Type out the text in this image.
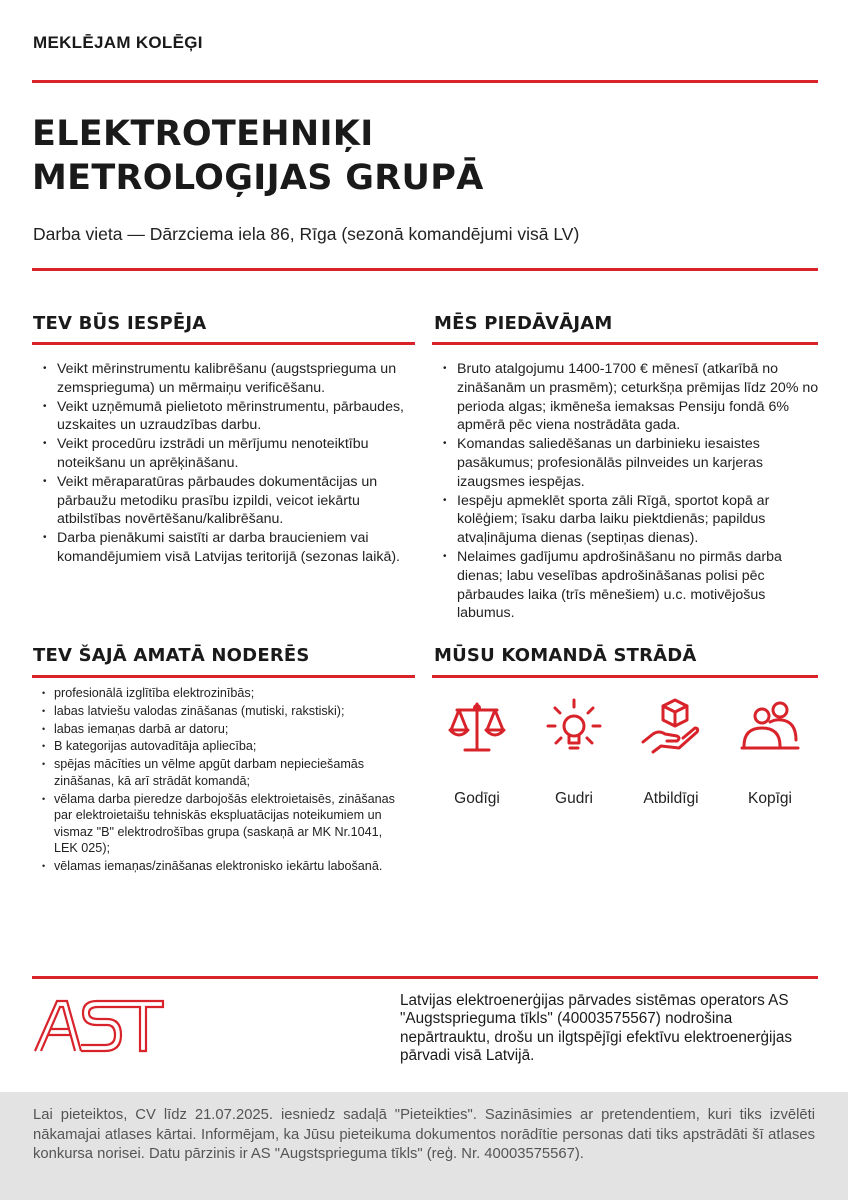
MEKLĒJAM KOLĒĢI
ELEKTROTEHNIĶI
METROLOĢIJAS GRUPĀ
Darba vieta — Dārzciema iela 86, Rīga (sezonā komandējumi visā LV)
TEV BŪS IESPĒJA
• Veikt mērinstrumentu kalibrēšanu (augstsprieguma un zemsprieguma) un mērmaiņu verificēšanu.
• Veikt uzņēmumā pielietoto mērinstrumentu, pārbaudes, uzskaites un uzraudzības darbu.
• Veikt procedūru izstrādi un mērījumu nenoteiktību noteikšanu un aprēķināšanu.
• Veikt mēraparatūras pārbaudes dokumentācijas un pārbaužu metodiku prasību izpildi, veicot iekārtu atbilstības novērtēšanu/kalibrēšanu.
• Darba pienākumi saistīti ar darba braucieniem vai komandējumiem visā Latvijas teritorijā (sezonas laikā).
MĒS PIEDĀVĀJAM
• Bruto atalgojumu 1400-1700 € mēnesī (atkarībā no zināšanām un prasmēm); ceturkšņa prēmijas līdz 20% no perioda algas; ikmēneša iemaksas Pensiju fondā 6% apmērā pēc viena nostrādāta gada.
• Komandas saliedēšanas un darbinieku iesaistes pasākumus; profesionālās pilnveides un karjeras izaugsmes iespējas.
• Iespēju apmeklēt sporta zāli Rīgā, sportot kopā ar kolēģiem; īsaku darba laiku piektdienās; papildus atvaļinājuma dienas (septiņas dienas).
• Nelaimes gadījumu apdrošināšanu no pirmās darba dienas; labu veselības apdrošināšanas polisi pēc pārbaudes laika (trīs mēnešiem) u.c. motivējošus labumus.
TEV ŠAJĀ AMATĀ NODERĒS
• profesionālā izglītība elektrozinībās;
• labas latviešu valodas zināšanas (mutiski, rakstiski);
• labas iemaņas darbā ar datoru;
• B kategorijas autovadītāja apliecība;
• spējas mācīties un vēlme apgūt darbam nepieciešamās zināšanas, kā arī strādāt komandā;
• vēlama darba pieredze darbojošās elektroietaisēs, zināšanas par elektroietaišu tehniskās ekspluatācijas noteikumiem un vismaz "B" elektrodrošības grupa (saskaņā ar MK Nr.1041, LEK 025);
• vēlamas iemaņas/zināšanas elektronisko iekārtu labošanā.
MŪSU KOMANDĀ STRĀDĀ
Godīgi	Gudri	Atbildīgi	Kopīgi
Latvijas elektroenerģijas pārvades sistēmas operators AS "Augstsprieguma tīkls" (40003575567) nodrošina nepārtrauktu, drošu un ilgtspējīgi efektīvu elektroenerģijas pārvadi visā Latvijā.
Lai pieteiktos, CV līdz 21.07.2025. iesniedz sadaļā "Pieteikties". Sazināsimies ar pretendentiem, kuri tiks izvēlēti nākamajai atlases kārtai. Informējam, ka Jūsu pieteikuma dokumentos norādītie personas dati tiks apstrādāti šī atlases konkursa norisei. Datu pārzinis ir AS "Augstsprieguma tīkls" (reģ. Nr. 40003575567).
